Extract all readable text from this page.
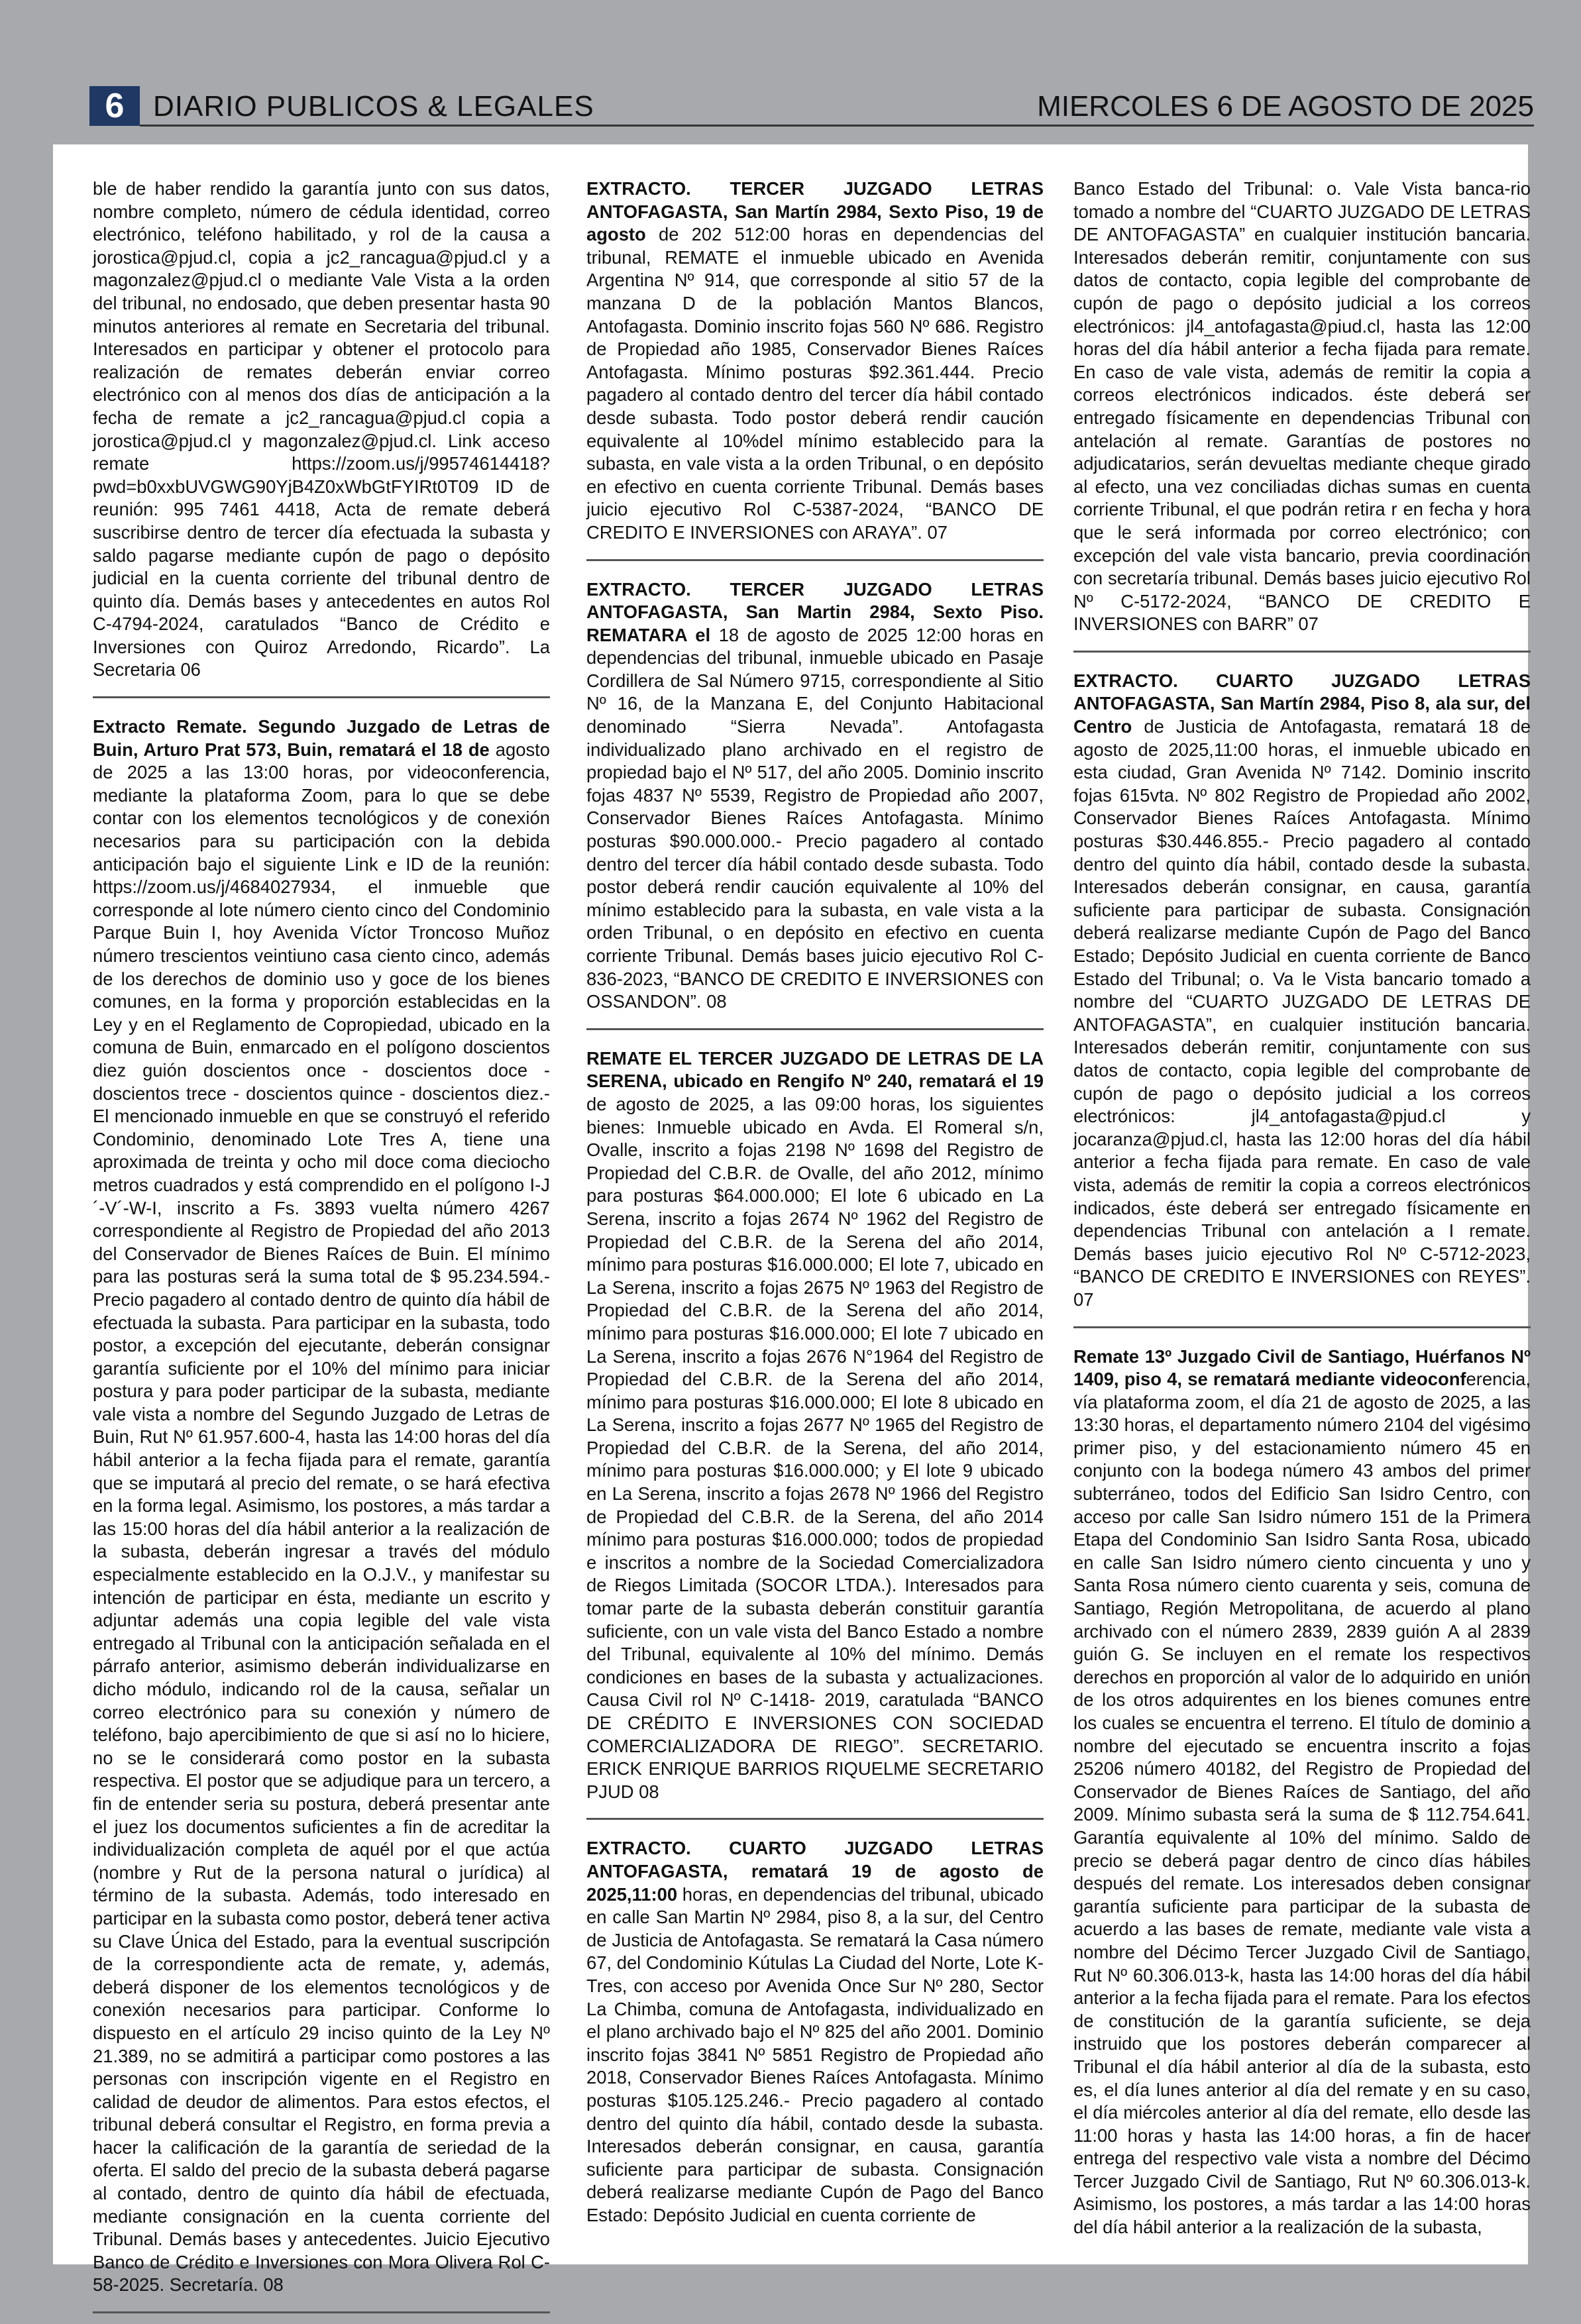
6 DIARIO PUBLICOS & LEGALES	MIERCOLES 6 DE AGOSTO DE 2025

ble de haber rendido la garantía junto con sus datos, nombre completo, número de cédula identidad, correo electrónico, teléfono habilitado, y rol de la causa a jorostica@pjud.cl, copia a jc2_rancagua@pjud.cl y a magonzalez@pjud.cl o mediante Vale Vista a la orden del tribunal, no endosado, que deben presentar hasta 90 minutos anteriores al remate en Secretaria del tribunal. Interesados en participar y obtener el protocolo para realización de remates deberán enviar correo electrónico con al menos dos días de anticipación a la fecha de remate a jc2_rancagua@pjud.cl copia a jorostica@pjud.cl y magonzalez@pjud.cl. Link acceso remate https://zoom.us/j/99574614418?pwd=b0xxbUVGWG90YjB4Z0xWbGtFYIRt0T09 ID de reunión: 995 7461 4418, Acta de remate deberá suscribirse dentro de tercer día efectuada la subasta y saldo pagarse mediante cupón de pago o depósito judicial en la cuenta corriente del tribunal dentro de quinto día. Demás bases y antecedentes en autos Rol C-4794-2024, caratulados “Banco de Crédito e Inversiones con Quiroz Arredondo, Ricardo”. La Secretaria 06

Extracto Remate. Segundo Juzgado de Letras de Buin, Arturo Prat 573, Buin, rematará el 18 de agosto de 2025 a las 13:00 horas, por videoconferencia, mediante la plataforma Zoom, para lo que se debe contar con los elementos tecnológicos y de conexión necesarios para su participación con la debida anticipación bajo el siguiente Link e ID de la reunión: https://zoom.us/j/4684027934, el inmueble que corresponde al lote número ciento cinco del Condominio Parque Buin I, hoy Avenida Víctor Troncoso Muñoz número trescientos veintiuno casa ciento cinco, además de los derechos de dominio uso y goce de los bienes comunes, en la forma y proporción establecidas en la Ley y en el Reglamento de Copropiedad, ubicado en la comuna de Buin, enmarcado en el polígono doscientos diez guión doscientos once - doscientos doce - doscientos trece - doscientos quince - doscientos diez.- El mencionado inmueble en que se construyó el referido Condominio, denominado Lote Tres A, tiene una aproximada de treinta y ocho mil doce coma dieciocho metros cuadrados y está comprendido en el polígono I-J´-V´-W-I, inscrito a Fs. 3893 vuelta número 4267 correspondiente al Registro de Propiedad del año 2013 del Conservador de Bienes Raíces de Buin. El mínimo para las posturas será la suma total de $ 95.234.594.- Precio pagadero al contado dentro de quinto día hábil de efectuada la subasta. Para participar en la subasta, todo postor, a excepción del ejecutante, deberán consignar garantía suficiente por el 10% del mínimo para iniciar postura y para poder participar de la subasta, mediante vale vista a nombre del Segundo Juzgado de Letras de Buin, Rut Nº 61.957.600-4, hasta las 14:00 horas del día hábil anterior a la fecha fijada para el remate, garantía que se imputará al precio del remate, o se hará efectiva en la forma legal. Asimismo, los postores, a más tardar a las 15:00 horas del día hábil anterior a la realización de la subasta, deberán ingresar a través del módulo especialmente establecido en la O.J.V., y manifestar su intención de participar en ésta, mediante un escrito y adjuntar además una copia legible del vale vista entregado al Tribunal con la anticipación señalada en el párrafo anterior, asimismo deberán individualizarse en dicho módulo, indicando rol de la causa, señalar un correo electrónico para su conexión y número de teléfono, bajo apercibimiento de que si así no lo hiciere, no se le considerará como postor en la subasta respectiva. El postor que se adjudique para un tercero, a fin de entender seria su postura, deberá presentar ante el juez los documentos suficientes a fin de acreditar la individualización completa de aquél por el que actúa (nombre y Rut de la persona natural o jurídica) al término de la subasta. Además, todo interesado en participar en la subasta como postor, deberá tener activa su Clave Única del Estado, para la eventual suscripción de la correspondiente acta de remate, y, además, deberá disponer de los elementos tecnológicos y de conexión necesarios para participar. Conforme lo dispuesto en el artículo 29 inciso quinto de la Ley Nº 21.389, no se admitirá a participar como postores a las personas con inscripción vigente en el Registro en calidad de deudor de alimentos. Para estos efectos, el tribunal deberá consultar el Registro, en forma previa a hacer la calificación de la garantía de seriedad de la oferta. El saldo del precio de la subasta deberá pagarse al contado, dentro de quinto día hábil de efectuada, mediante consignación en la cuenta corriente del Tribunal. Demás bases y antecedentes. Juicio Ejecutivo Banco de Crédito e Inversiones con Mora Olivera Rol C-58-2025. Secretaría. 08

EXTRACTO. TERCER JUZGADO LETRAS ANTOFAGASTA, San Martín 2984, Sexto Piso, 19 de agosto de 202 512:00 horas en dependencias del tribunal, REMATE el inmueble ubicado en Avenida Argentina Nº 914, que corresponde al sitio 57 de la manzana D de la población Mantos Blancos, Antofagasta. Dominio inscrito fojas 560 Nº 686. Registro de Propiedad año 1985, Conservador Bienes Raíces Antofagasta. Mínimo posturas $92.361.444. Precio pagadero al contado dentro del tercer día hábil contado desde subasta. Todo postor deberá rendir caución equivalente al 10%del mínimo establecido para la subasta, en vale vista a la orden Tribunal, o en depósito en efectivo en cuenta corriente Tribunal. Demás bases juicio ejecutivo Rol C-5387-2024, “BANCO DE CREDITO E INVERSIONES con ARAYA”. 07

EXTRACTO. TERCER JUZGADO LETRAS ANTOFAGASTA, San Martin 2984, Sexto Piso. REMATARA el 18 de agosto de 2025 12:00 horas en dependencias del tribunal, inmueble ubicado en Pasaje Cordillera de Sal Número 9715, correspondiente al Sitio Nº 16, de la Manzana E, del Conjunto Habitacional denominado “Sierra Nevada”. Antofagasta individualizado plano archivado en el registro de propiedad bajo el Nº 517, del año 2005. Dominio inscrito fojas 4837 Nº 5539, Registro de Propiedad año 2007, Conservador Bienes Raíces Antofagasta. Mínimo posturas $90.000.000.- Precio pagadero al contado dentro del tercer día hábil contado desde subasta. Todo postor deberá rendir caución equivalente al 10% del mínimo establecido para la subasta, en vale vista a la orden Tribunal, o en depósito en efectivo en cuenta corriente Tribunal. Demás bases juicio ejecutivo Rol C-836-2023, “BANCO DE CREDITO E INVERSIONES con OSSANDON”. 08

REMATE EL TERCER JUZGADO DE LETRAS DE LA SERENA, ubicado en Rengifo Nº 240, rematará el 19 de agosto de 2025, a las 09:00 horas, los siguientes bienes: Inmueble ubicado en Avda. El Romeral s/n, Ovalle, inscrito a fojas 2198 Nº 1698 del Registro de Propiedad del C.B.R. de Ovalle, del año 2012, mínimo para posturas $64.000.000; El lote 6 ubicado en La Serena, inscrito a fojas 2674 Nº 1962 del Registro de Propiedad del C.B.R. de la Serena del año 2014, mínimo para posturas $16.000.000; El lote 7, ubicado en La Serena, inscrito a fojas 2675 Nº 1963 del Registro de Propiedad del C.B.R. de la Serena del año 2014, mínimo para posturas $16.000.000; El lote 7 ubicado en La Serena, inscrito a fojas 2676 N°1964 del Registro de Propiedad del C.B.R. de la Serena del año 2014, mínimo para posturas $16.000.000; El lote 8 ubicado en La Serena, inscrito a fojas 2677 Nº 1965 del Registro de Propiedad del C.B.R. de la Serena, del año 2014, mínimo para posturas $16.000.000; y El lote 9 ubicado en La Serena, inscrito a fojas 2678 Nº 1966 del Registro de Propiedad del C.B.R. de la Serena, del año 2014 mínimo para posturas $16.000.000; todos de propiedad e inscritos a nombre de la Sociedad Comercializadora de Riegos Limitada (SOCOR LTDA.). Interesados para tomar parte de la subasta deberán constituir garantía suficiente, con un vale vista del Banco Estado a nombre del Tribunal, equivalente al 10% del mínimo. Demás condiciones en bases de la subasta y actualizaciones. Causa Civil rol Nº C-1418- 2019, caratulada “BANCO DE CRÉDITO E INVERSIONES CON SOCIEDAD COMERCIALIZADORA DE RIEGO”. SECRETARIO. ERICK ENRIQUE BARRIOS RIQUELME SECRETARIO PJUD 08

EXTRACTO. CUARTO JUZGADO LETRAS ANTOFAGASTA, rematará 19 de agosto de 2025,11:00 horas, en dependencias del tribunal, ubicado en calle San Martin Nº 2984, piso 8, a la sur, del Centro de Justicia de Antofagasta. Se rematará la Casa número 67, del Condominio Kútulas La Ciudad del Norte, Lote K-Tres, con acceso por Avenida Once Sur Nº 280, Sector La Chimba, comuna de Antofagasta, individualizado en el plano archivado bajo el Nº 825 del año 2001. Dominio inscrito fojas 3841 Nº 5851 Registro de Propiedad año 2018, Conservador Bienes Raíces Antofagasta. Mínimo posturas $105.125.246.- Precio pagadero al contado dentro del quinto día hábil, contado desde la subasta. Interesados deberán consignar, en causa, garantía suficiente para participar de subasta. Consignación deberá realizarse mediante Cupón de Pago del Banco Estado: Depósito Judicial en cuenta corriente de

Banco Estado del Tribunal: o. Vale Vista banca-rio tomado a nombre del “CUARTO JUZGADO DE LETRAS DE ANTOFAGASTA” en cualquier institución bancaria. Interesados deberán remitir, conjuntamente con sus datos de contacto, copia legible del comprobante de cupón de pago o depósito judicial a los correos electrónicos: jl4_antofagasta@piud.cl, hasta las 12:00 horas del día hábil anterior a fecha fijada para remate. En caso de vale vista, además de remitir la copia a correos electrónicos indicados. éste deberá ser entregado físicamente en dependencias Tribunal con antelación al remate. Garantías de postores no adjudicatarios, serán devueltas mediante cheque girado al efecto, una vez conciliadas dichas sumas en cuenta corriente Tribunal, el que podrán retira r en fecha y hora que le será informada por correo electrónico; con excepción del vale vista bancario, previa coordinación con secretaría tribunal. Demás bases juicio ejecutivo Rol Nº C-5172-2024, “BANCO DE CREDITO E INVERSIONES con BARR” 07

EXTRACTO. CUARTO JUZGADO LETRAS ANTOFAGASTA, San Martín 2984, Piso 8, ala sur, del Centro de Justicia de Antofagasta, rematará 18 de agosto de 2025,11:00 horas, el inmueble ubicado en esta ciudad, Gran Avenida Nº 7142. Dominio inscrito fojas 615vta. Nº 802 Registro de Propiedad año 2002, Conservador Bienes Raíces Antofagasta. Mínimo posturas $30.446.855.- Precio pagadero al contado dentro del quinto día hábil, contado desde la subasta. Interesados deberán consignar, en causa, garantía suficiente para participar de subasta. Consignación deberá realizarse mediante Cupón de Pago del Banco Estado; Depósito Judicial en cuenta corriente de Banco Estado del Tribunal; o. Va le Vista bancario tomado a nombre del “CUARTO JUZGADO DE LETRAS DE ANTOFAGASTA”, en cualquier institución bancaria. Interesados deberán remitir, conjuntamente con sus datos de contacto, copia legible del comprobante de cupón de pago o depósito judicial a los correos electrónicos: jl4_antofagasta@pjud.cl y jocaranza@pjud.cl, hasta las 12:00 horas del día hábil anterior a fecha fijada para remate. En caso de vale vista, además de remitir la copia a correos electrónicos indicados, éste deberá ser entregado físicamente en dependencias Tribunal con antelación a I remate. Demás bases juicio ejecutivo Rol Nº C-5712-2023, “BANCO DE CREDITO E INVERSIONES con REYES”. 07

Remate 13º Juzgado Civil de Santiago, Huérfanos Nº 1409, piso 4, se rematará mediante videoconferencia, vía plataforma zoom, el día 21 de agosto de 2025, a las 13:30 horas, el departamento número 2104 del vigésimo primer piso, y del estacionamiento número 45 en conjunto con la bodega número 43 ambos del primer subterráneo, todos del Edificio San Isidro Centro, con acceso por calle San Isidro número 151 de la Primera Etapa del Condominio San Isidro Santa Rosa, ubicado en calle San Isidro número ciento cincuenta y uno y Santa Rosa número ciento cuarenta y seis, comuna de Santiago, Región Metropolitana, de acuerdo al plano archivado con el número 2839, 2839 guión A al 2839 guión G. Se incluyen en el remate los respectivos derechos en proporción al valor de lo adquirido en unión de los otros adquirentes en los bienes comunes entre los cuales se encuentra el terreno. El título de dominio a nombre del ejecutado se encuentra inscrito a fojas 25206 número 40182, del Registro de Propiedad del Conservador de Bienes Raíces de Santiago, del año 2009. Mínimo subasta será la suma de $ 112.754.641. Garantía equivalente al 10% del mínimo. Saldo de precio se deberá pagar dentro de cinco días hábiles después del remate. Los interesados deben consignar garantía suficiente para participar de la subasta de acuerdo a las bases de remate, mediante vale vista a nombre del Décimo Tercer Juzgado Civil de Santiago, Rut Nº 60.306.013-k, hasta las 14:00 horas del día hábil anterior a la fecha fijada para el remate. Para los efectos de constitución de la garantía suficiente, se deja instruido que los postores deberán comparecer al Tribunal el día hábil anterior al día de la subasta, esto es, el día lunes anterior al día del remate y en su caso, el día miércoles anterior al día del remate, ello desde las 11:00 horas y hasta las 14:00 horas, a fin de hacer entrega del respectivo vale vista a nombre del Décimo Tercer Juzgado Civil de Santiago, Rut Nº 60.306.013-k. Asimismo, los postores, a más tardar a las 14:00 horas del día hábil anterior a la realización de la subasta,
